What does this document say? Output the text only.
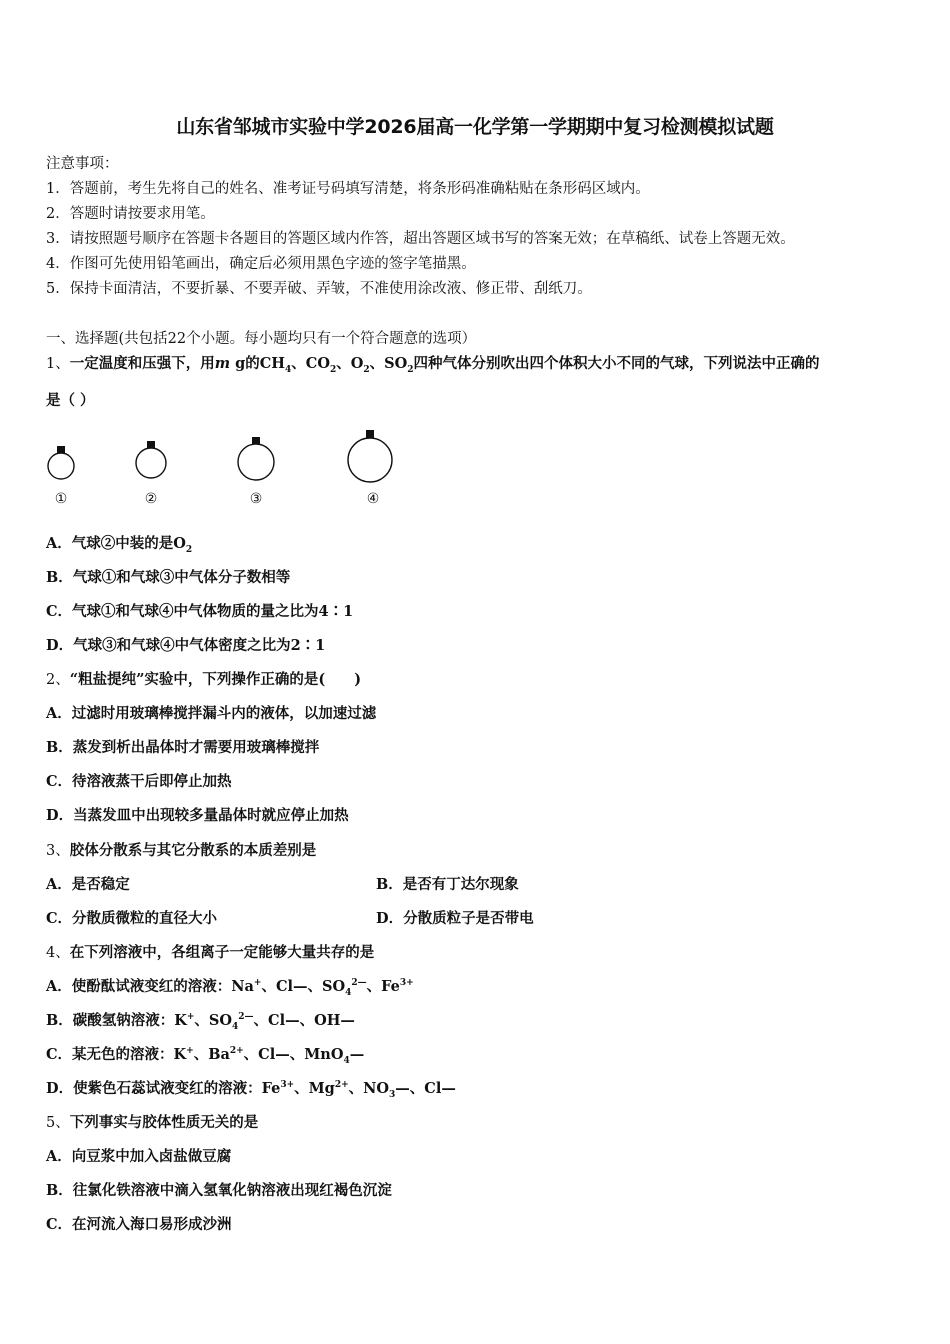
山东省邹城市实验中学2026届高一化学第一学期期中复习检测模拟试题
注意事项：
1．答题前，考生先将自己的姓名、准考证号码填写清楚，将条形码准确粘贴在条形码区域内。
2．答题时请按要求用笔。
3．请按照题号顺序在答题卡各题目的答题区域内作答，超出答题区域书写的答案无效；在草稿纸、试卷上答题无效。
4．作图可先使用铅笔画出，确定后必须用黑色字迹的签字笔描黑。
5．保持卡面清洁，不要折暴、不要弄破、弄皱，不准使用涂改液、修正带、刮纸刀。
一、选择题(共包括22个小题。每小题均只有一个符合题意的选项）
1、一定温度和压强下，用m g的$CH_4$、$CO_2$、$O_2$、$SO_2$四种气体分别吹出四个体积大小不同的气球，下列说法中正确的
是（ ）
①	②	③	④
A．气球②中装的是$O_2$
B．气球①和气球③中气体分子数相等
C．气球①和气球④中气体物质的量之比为4∶1
D．气球③和气球④中气体密度之比为2∶1
2、“粗盐提纯”实验中，下列操作正确的是(　　)
A．过滤时用玻璃棒搅拌漏斗内的液体，以加速过滤
B．蒸发到析出晶体时才需要用玻璃棒搅拌
C．待溶液蒸干后即停止加热
D．当蒸发皿中出现较多量晶体时就应停止加热
3、胶体分散系与其它分散系的本质差别是
A．是否稳定	B．是否有丁达尔现象
C．分散质微粒的直径大小	D．分散质粒子是否带电
4、在下列溶液中，各组离子一定能够大量共存的是
A．使酚酞试液变红的溶液：Na+、Cl—、$SO_4^{2—}$、$Fe^{3+}$
B．碳酸氢钠溶液：K+、$SO_4^{2—}$、Cl—、OH—
C．某无色的溶液：K+、$Ba^{2+}$、Cl—、MnO$_4$—
D．使紫色石蕊试液变红的溶液：$Fe^{3+}$、$Mg^{2+}$、$NO_3—$、Cl—
5、下列事实与胶体性质无关的是
A．向豆浆中加入卤盐做豆腐
B．往氯化铁溶液中滴入氢氧化钠溶液出现红褐色沉淀
C．在河流入海口易形成沙洲
